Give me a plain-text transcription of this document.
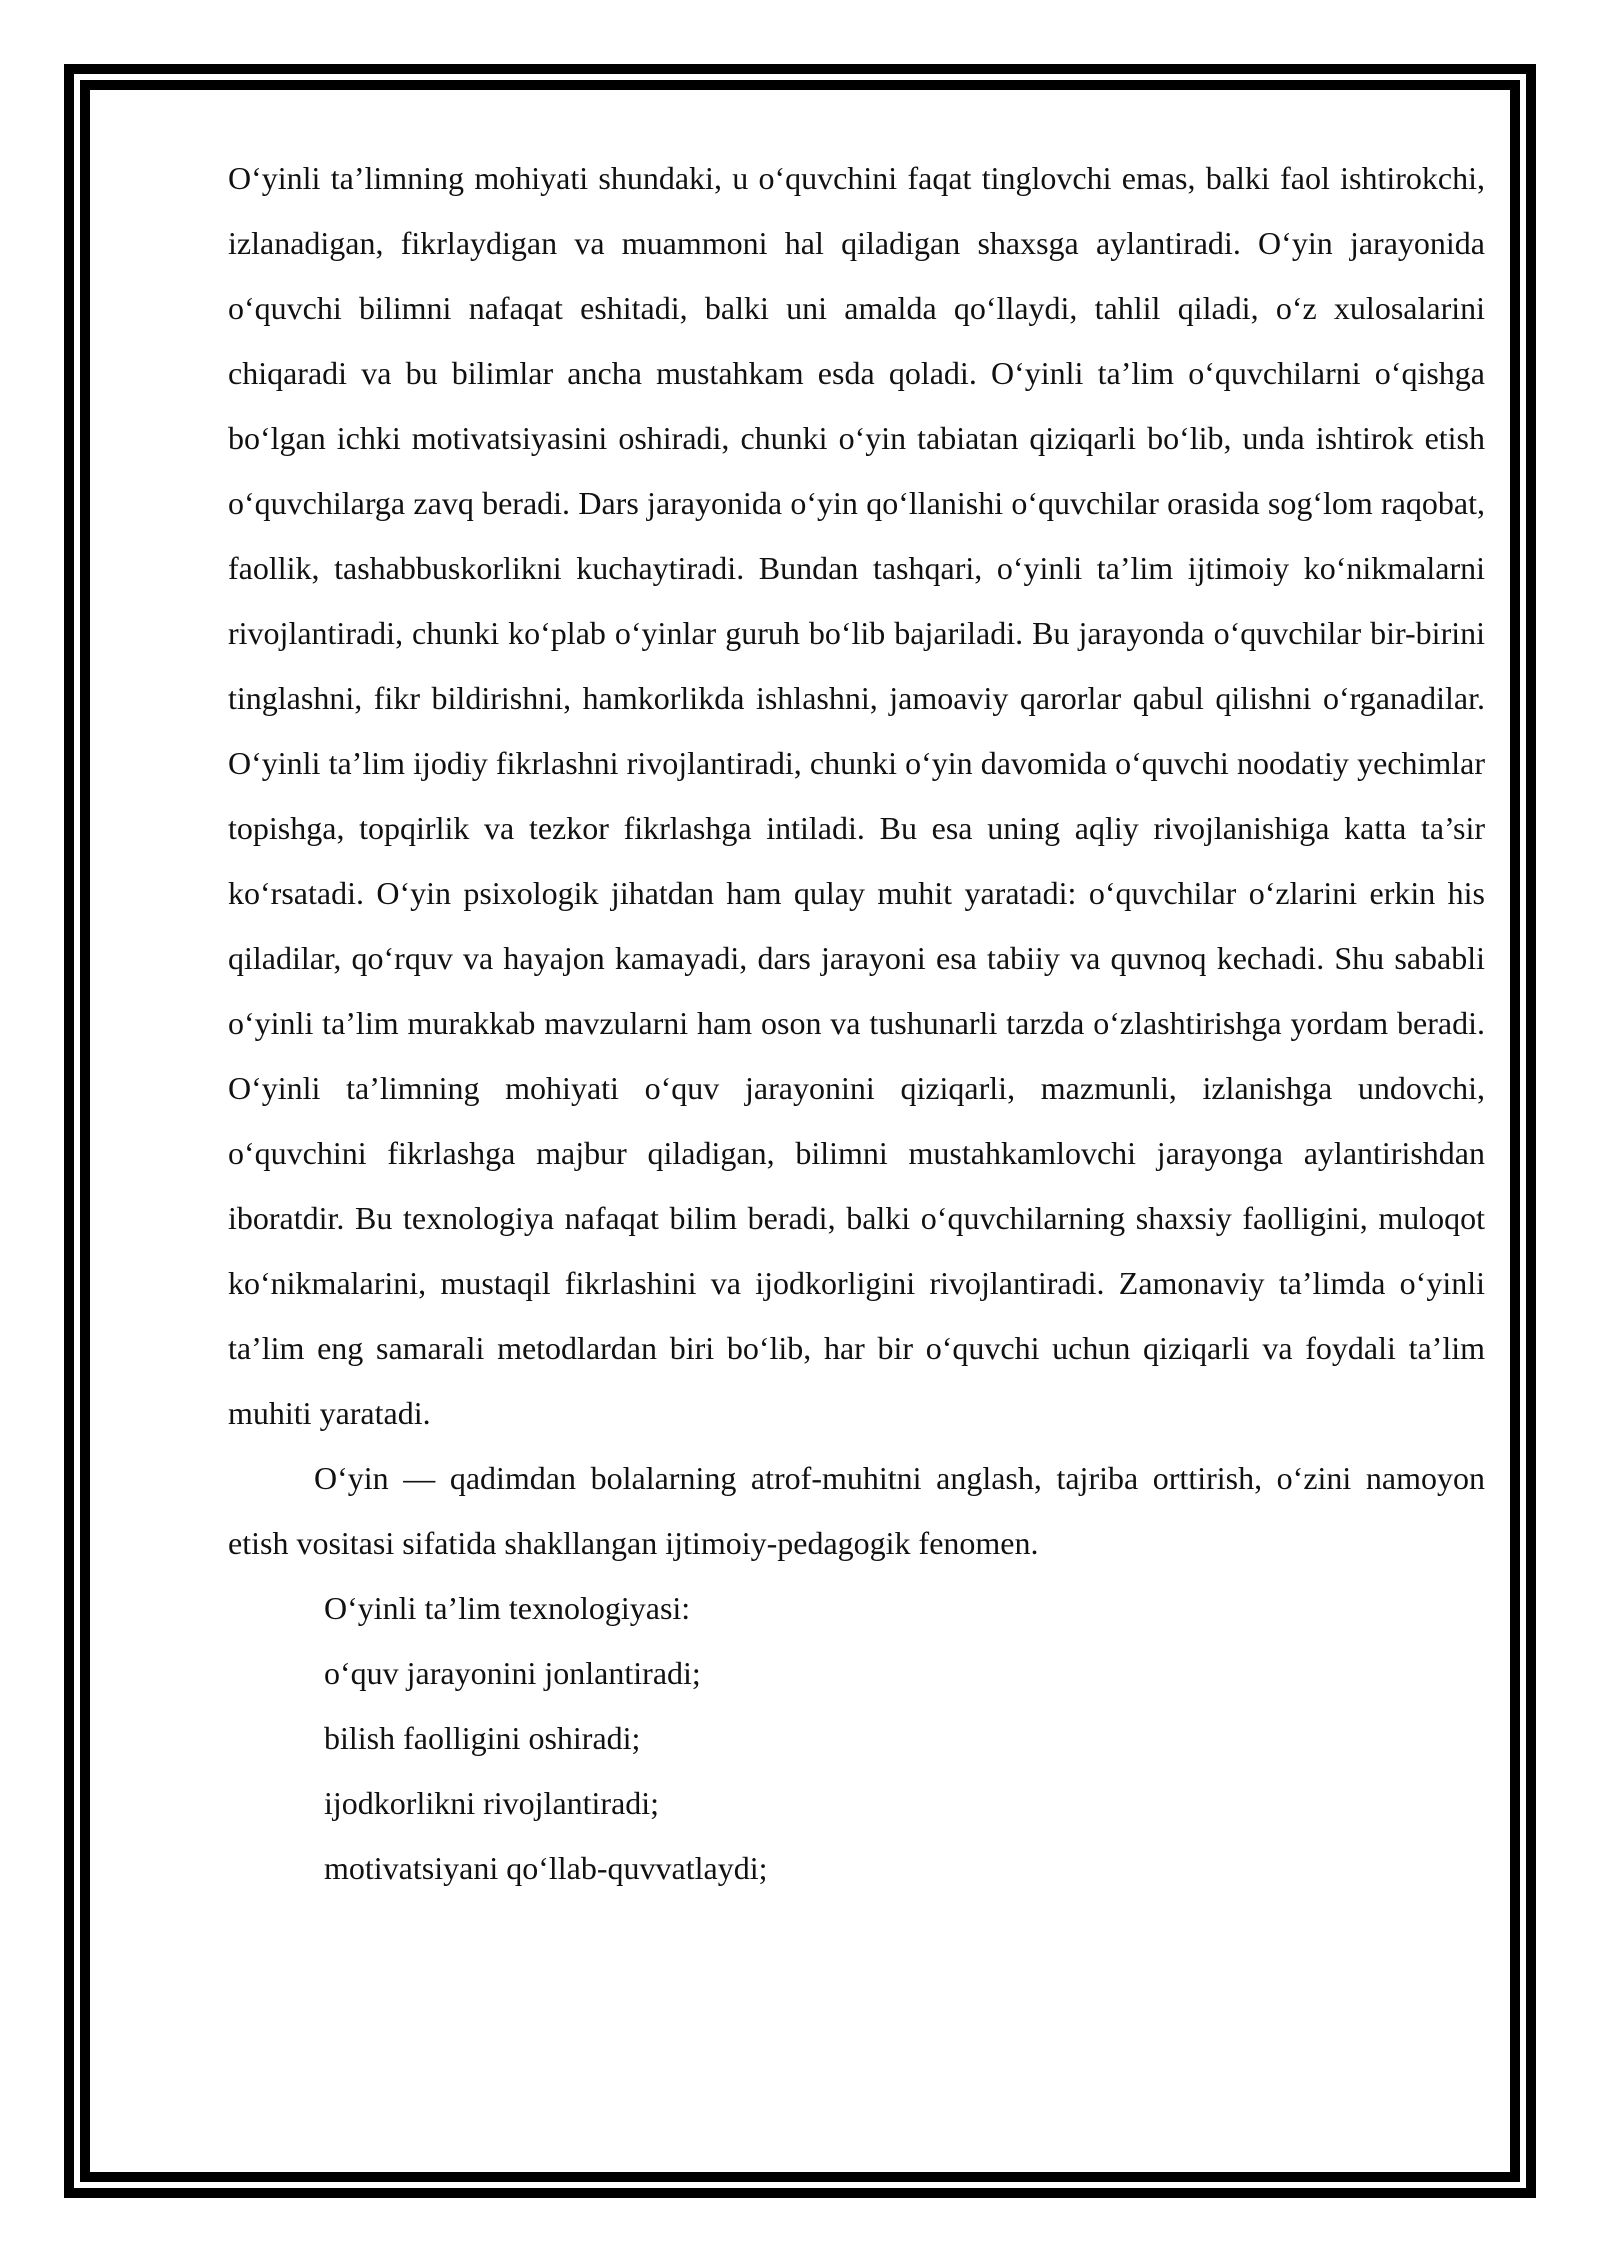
O‘yinli ta’limning mohiyati shundaki, u o‘quvchini faqat tinglovchi emas, balki faol ishtirokchi, izlanadigan, fikrlaydigan va muammoni hal qiladigan shaxsga aylantiradi. O‘yin jarayonida o‘quvchi bilimni nafaqat eshitadi, balki uni amalda qo‘llaydi, tahlil qiladi, o‘z xulosalarini chiqaradi va bu bilimlar ancha mustahkam esda qoladi. O‘yinli ta’lim o‘quvchilarni o‘qishga bo‘lgan ichki motivatsiyasini oshiradi, chunki o‘yin tabiatan qiziqarli bo‘lib, unda ishtirok etish o‘quvchilarga zavq beradi. Dars jarayonida o‘yin qo‘llanishi o‘quvchilar orasida sog‘lom raqobat, faollik, tashabbuskorlikni kuchaytiradi. Bundan tashqari, o‘yinli ta’lim ijtimoiy ko‘nikmalarni rivojlantiradi, chunki ko‘plab o‘yinlar guruh bo‘lib bajariladi. Bu jarayonda o‘quvchilar bir-birini tinglashni, fikr bildirishni, hamkorlikda ishlashni, jamoaviy qarorlar qabul qilishni o‘rganadilar. O‘yinli ta’lim ijodiy fikrlashni rivojlantiradi, chunki o‘yin davomida o‘quvchi noodatiy yechimlar topishga, topqirlik va tezkor fikrlashga intiladi. Bu esa uning aqliy rivojlanishiga katta ta’sir ko‘rsatadi. O‘yin psixologik jihatdan ham qulay muhit yaratadi: o‘quvchilar o‘zlarini erkin his qiladilar, qo‘rquv va hayajon kamayadi, dars jarayoni esa tabiiy va quvnoq kechadi. Shu sababli o‘yinli ta’lim murakkab mavzularni ham oson va tushunarli tarzda o‘zlashtirishga yordam beradi. O‘yinli ta’limning mohiyati o‘quv jarayonini qiziqarli, mazmunli, izlanishga undovchi, o‘quvchini fikrlashga majbur qiladigan, bilimni mustahkamlovchi jarayonga aylantirishdan iboratdir. Bu texnologiya nafaqat bilim beradi, balki o‘quvchilarning shaxsiy faolligini, muloqot ko‘nikmalarini, mustaqil fikrlashini va ijodkorligini rivojlantiradi. Zamonaviy ta’limda o‘yinli ta’lim eng samarali metodlardan biri bo‘lib, har bir o‘quvchi uchun qiziqarli va foydali ta’lim muhiti yaratadi.

O‘yin — qadimdan bolalarning atrof-muhitni anglash, tajriba orttirish, o‘zini namoyon etish vositasi sifatida shakllangan ijtimoiy-pedagogik fenomen.

O‘yinli ta’lim texnologiyasi:

o‘quv jarayonini jonlantiradi;

bilish faolligini oshiradi;

ijodkorlikni rivojlantiradi;

motivatsiyani qo‘llab-quvvatlaydi;
